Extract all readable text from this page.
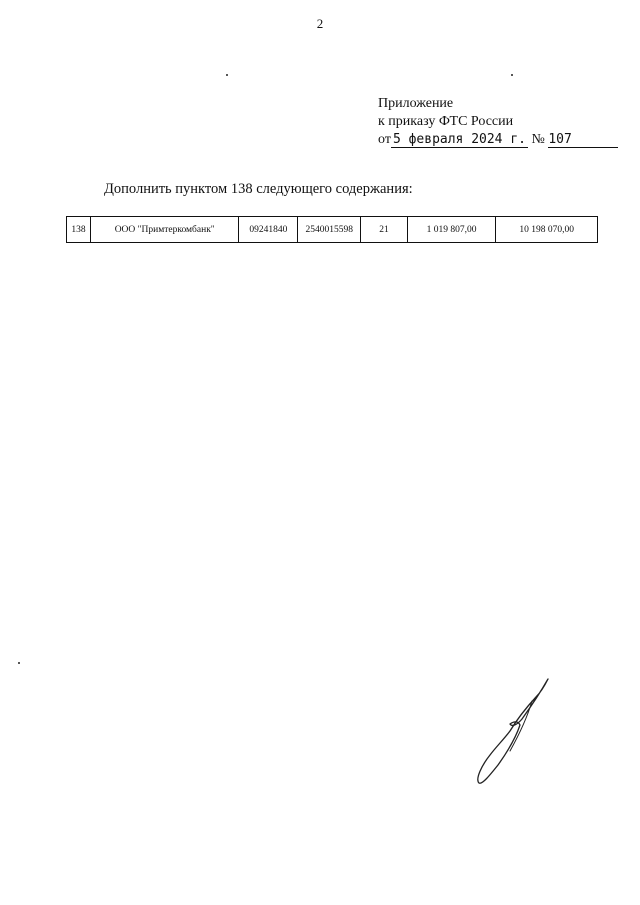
2
Приложение
к приказу ФТС России
от 5 февраля 2024 г. № 107
Дополнить пунктом 138 следующего содержания:
138	ООО "Примтеркомбанк"	09241840	2540015598	21	1 019 807,00	10 198 070,00
